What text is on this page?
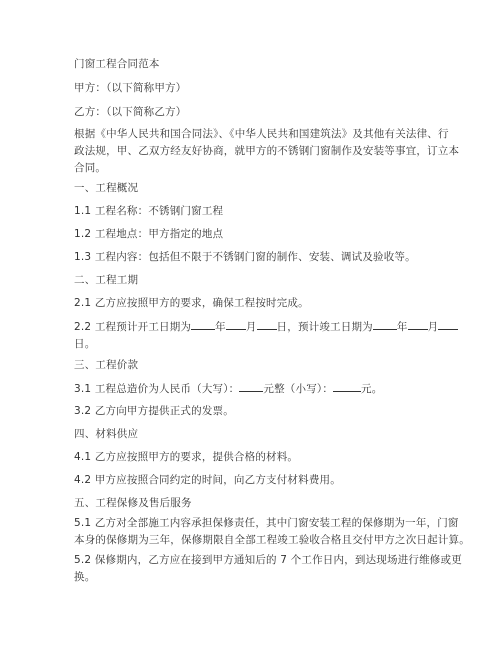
门窗工程合同范本
甲方：（以下简称甲方）
乙方：（以下简称乙方）
根据《中华人民共和国合同法》、《中华人民共和国建筑法》及其他有关法律、行
政法规，甲、乙双方经友好协商，就甲方的不锈钢门窗制作及安装等事宜，订立本
合同。
一、工程概况
1.1 工程名称：不锈钢门窗工程
1.2 工程地点：甲方指定的地点
1.3 工程内容：包括但不限于不锈钢门窗的制作、安装、调试及验收等。
二、工程工期
2.1 乙方应按照甲方的要求，确保工程按时完成。
2.2 工程预计开工日期为 年 月 日，预计竣工日期为 年 月
日。
三、工程价款
3.1 工程总造价为人民币（大写）： 元整（小写）：	元。
3.2 乙方向甲方提供正式的发票。
四、材料供应
4.1 乙方应按照甲方的要求，提供合格的材料。
4.2 甲方应按照合同约定的时间，向乙方支付材料费用。
五、工程保修及售后服务
5.1 乙方对全部施工内容承担保修责任，其中门窗安装工程的保修期为一年，门窗
本身的保修期为三年，保修期限自全部工程竣工验收合格且交付甲方之次日起计算。
5.2 保修期内，乙方应在接到甲方通知后的 7 个工作日内，到达现场进行维修或更
换。
